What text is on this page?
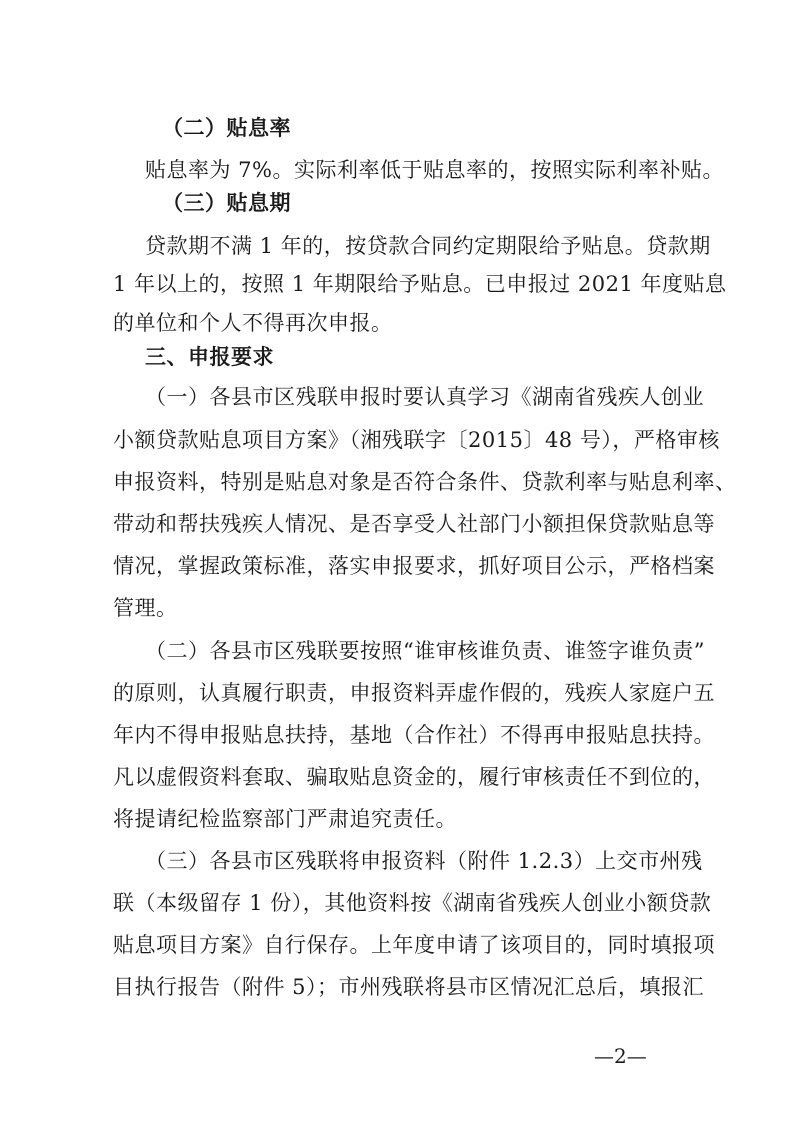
（二）贴息率
贴息率为 7%。实际利率低于贴息率的，按照实际利率补贴。
（三）贴息期
贷款期不满 1 年的，按贷款合同约定期限给予贴息。贷款期
1 年以上的，按照 1 年期限给予贴息。已申报过 2021 年度贴息
的单位和个人不得再次申报。
三、申报要求
（一）各县市区残联申报时要认真学习《湖南省残疾人创业
小额贷款贴息项目方案》（湘残联字〔2015〕48 号），严格审核
申报资料，特别是贴息对象是否符合条件、贷款利率与贴息利率、
带动和帮扶残疾人情况、是否享受人社部门小额担保贷款贴息等
情况，掌握政策标准，落实申报要求，抓好项目公示，严格档案
管理。
（二）各县市区残联要按照“谁审核谁负责、谁签字谁负责”
的原则，认真履行职责，申报资料弄虚作假的，残疾人家庭户五
年内不得申报贴息扶持，基地（合作社）不得再申报贴息扶持。
凡以虚假资料套取、骗取贴息资金的，履行审核责任不到位的，
将提请纪检监察部门严肃追究责任。
（三）各县市区残联将申报资料（附件 1.2.3）上交市州残
联（本级留存 1 份），其他资料按《湖南省残疾人创业小额贷款
贴息项目方案》自行保存。上年度申请了该项目的，同时填报项
目执行报告（附件 5）；市州残联将县市区情况汇总后，填报汇
—2—
